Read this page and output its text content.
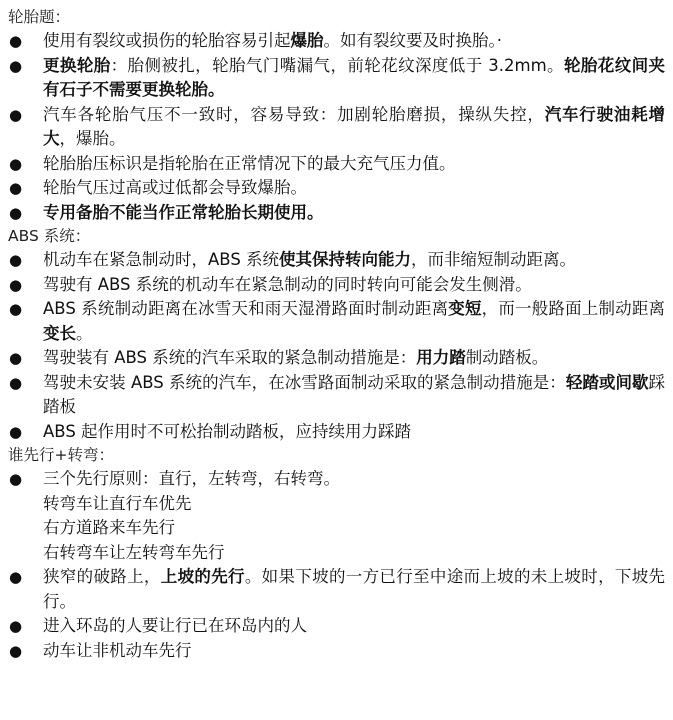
轮胎题：
●	使用有裂纹或损伤的轮胎容易引起爆胎。如有裂纹要及时换胎。·
●	更换轮胎：胎侧被扎，轮胎气门嘴漏气，前轮花纹深度低于 3.2mm。轮胎花纹间夹有石子不需要更换轮胎。
●	汽车各轮胎气压不一致时，容易导致：加剧轮胎磨损，操纵失控，汽车行驶油耗增大，爆胎。
●	轮胎胎压标识是指轮胎在正常情况下的最大充气压力值。
●	轮胎气压过高或过低都会导致爆胎。
●	专用备胎不能当作正常轮胎长期使用。
ABS 系统：
●	机动车在紧急制动时，ABS 系统使其保持转向能力，而非缩短制动距离。
●	驾驶有 ABS 系统的机动车在紧急制动的同时转向可能会发生侧滑。
●	ABS 系统制动距离在冰雪天和雨天湿滑路面时制动距离变短，而一般路面上制动距离变长。
●	驾驶装有 ABS 系统的汽车采取的紧急制动措施是：用力踏制动踏板。
●	驾驶未安装 ABS 系统的汽车，在冰雪路面制动采取的紧急制动措施是：轻踏或间歇踩踏板
●	ABS 起作用时不可松抬制动踏板，应持续用力踩踏
谁先行+转弯：
●	三个先行原则：直行，左转弯，右转弯。
转弯车让直行车优先
右方道路来车先行
右转弯车让左转弯车先行
●	狭窄的破路上，上坡的先行。如果下坡的一方已行至中途而上坡的未上坡时，下坡先行。
●	进入环岛的人要让行已在环岛内的人
●	动车让非机动车先行
